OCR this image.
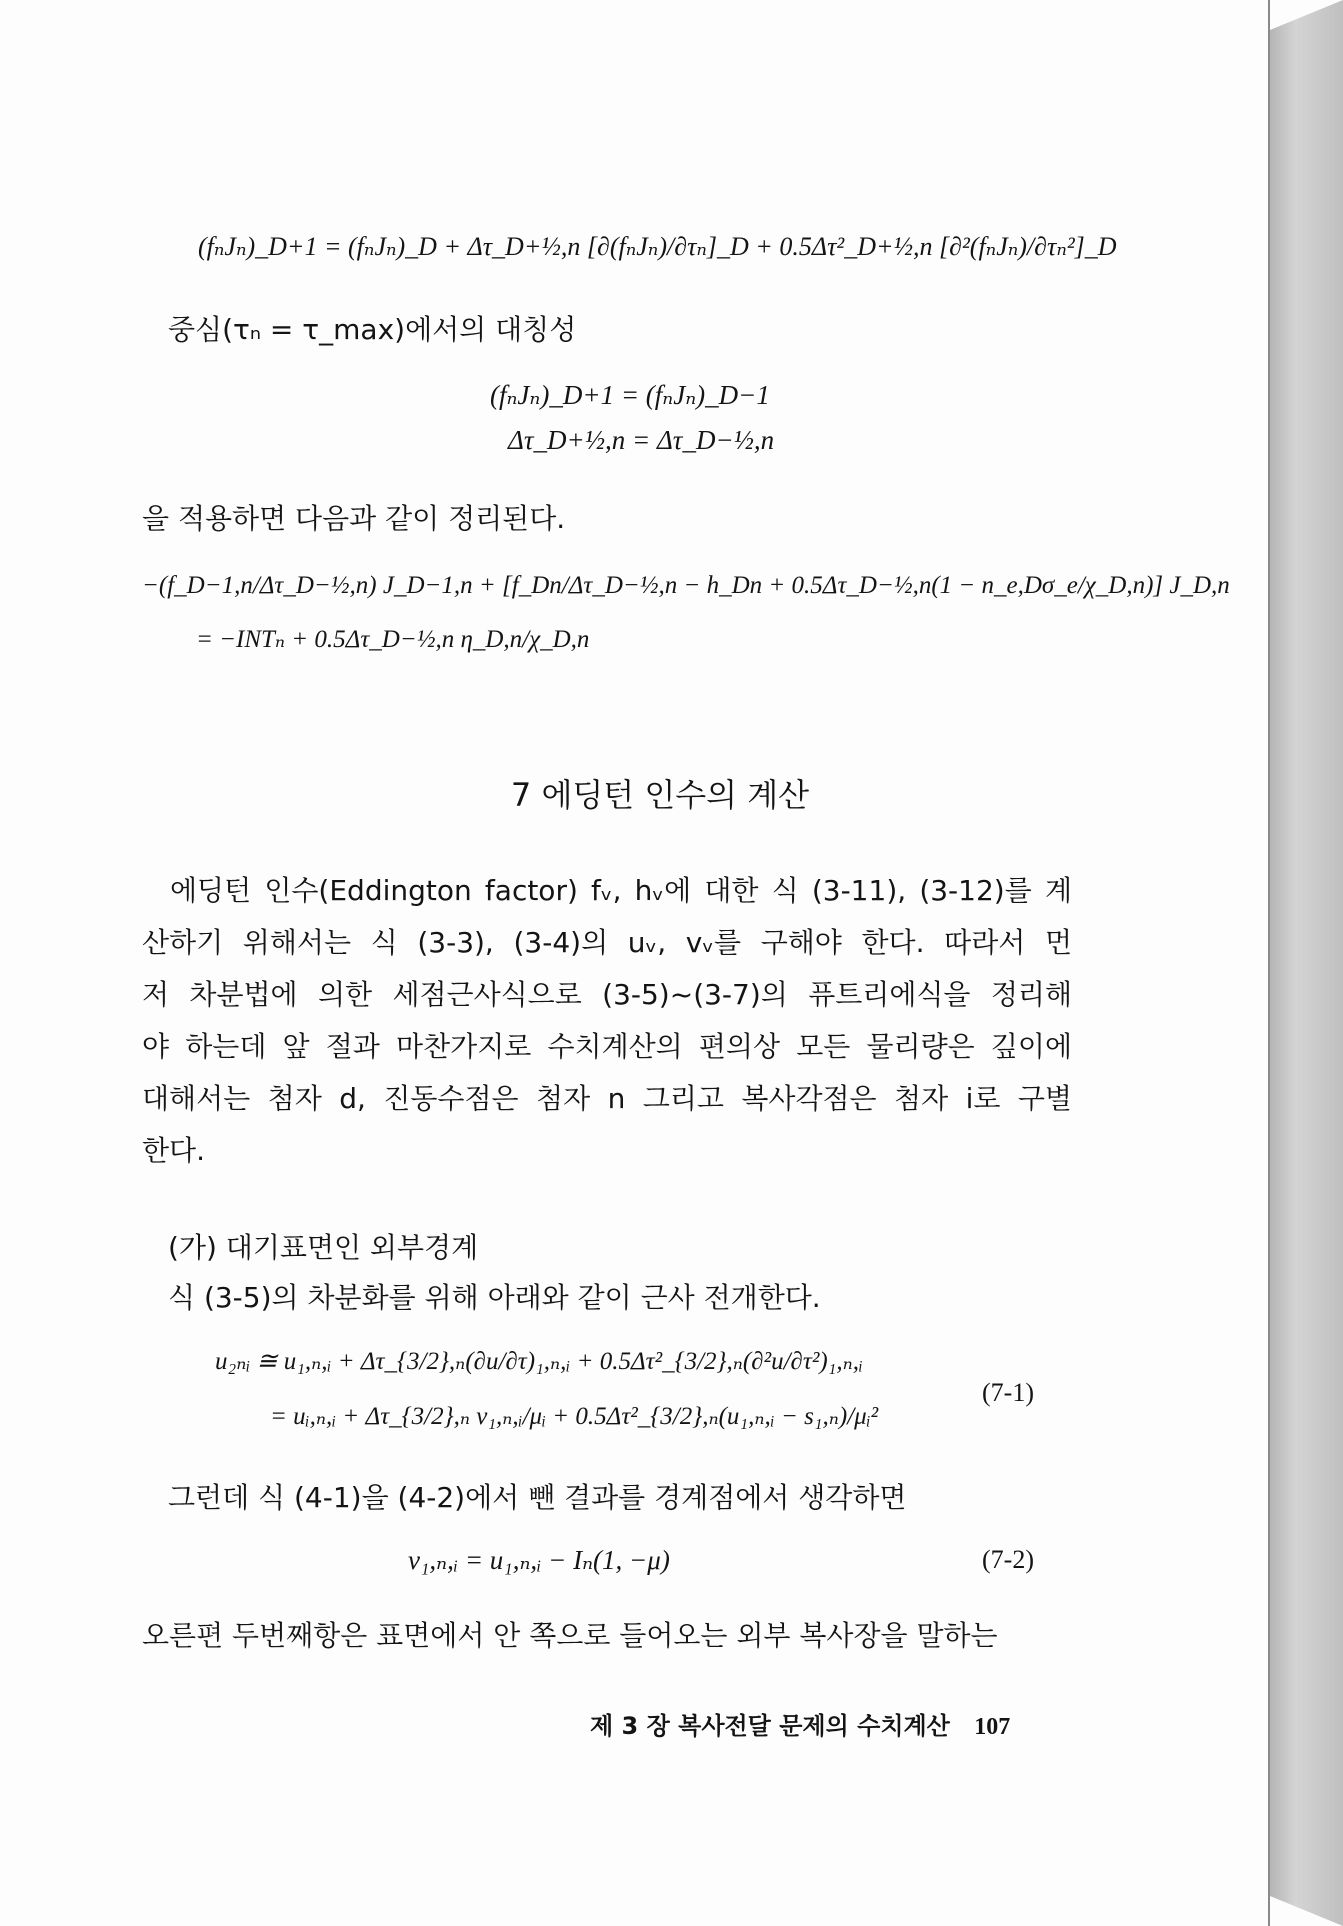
(fₙJₙ)_D+1 = (fₙJₙ)_D + Δτ_D+½,n [∂(fₙJₙ)/∂τₙ]_D + 0.5Δτ²_D+½,n [∂²(fₙJₙ)/∂τₙ²]_D
중심(τₙ = τ_max)에서의 대칭성
(fₙJₙ)_D+1 = (fₙJₙ)_D−1
Δτ_D+½,n = Δτ_D−½,n
을 적용하면 다음과 같이 정리된다.
−(f_D−1,n/Δτ_D−½,n) J_D−1,n + [f_Dn/Δτ_D−½,n − h_Dn + 0.5Δτ_D−½,n(1 − n_e,Dσ_e/χ_D,n)] J_D,n
= −INTₙ + 0.5Δτ_D−½,n η_D,n/χ_D,n
7 에딩턴 인수의 계산
에딩턴 인수(Eddington factor) fᵥ, hᵥ에 대한 식 (3-11), (3-12)를 계
산하기 위해서는 식 (3-3), (3-4)의 uᵥ, vᵥ를 구해야 한다. 따라서 먼
저 차분법에 의한 세점근사식으로 (3-5)~(3-7)의 퓨트리에식을 정리해
야 하는데 앞 절과 마찬가지로 수치계산의 편의상 모든 물리량은 깊이에
대해서는 첨자 d, 진동수점은 첨자 n 그리고 복사각점은 첨자 i로 구별
한다.
(가) 대기표면인 외부경계
식 (3-5)의 차분화를 위해 아래와 같이 근사 전개한다.
u₂ₙᵢ ≅ u₁,ₙ,ᵢ + Δτ_{3/2},ₙ(∂u/∂τ)₁,ₙ,ᵢ + 0.5Δτ²_{3/2},ₙ(∂²u/∂τ²)₁,ₙ,ᵢ
= uᵢ,ₙ,ᵢ + Δτ_{3/2},ₙ v₁,ₙ,ᵢ/μᵢ + 0.5Δτ²_{3/2},ₙ(u₁,ₙ,ᵢ − s₁,ₙ)/μᵢ²
(7-1)
그런데 식 (4-1)을 (4-2)에서 뺀 결과를 경계점에서 생각하면
v₁,ₙ,ᵢ = u₁,ₙ,ᵢ − Iₙ(1, −μ)	(7-2)
오른편 두번째항은 표면에서 안 쪽으로 들어오는 외부 복사장을 말하는
제 3 장 복사전달 문제의 수치계산 107
